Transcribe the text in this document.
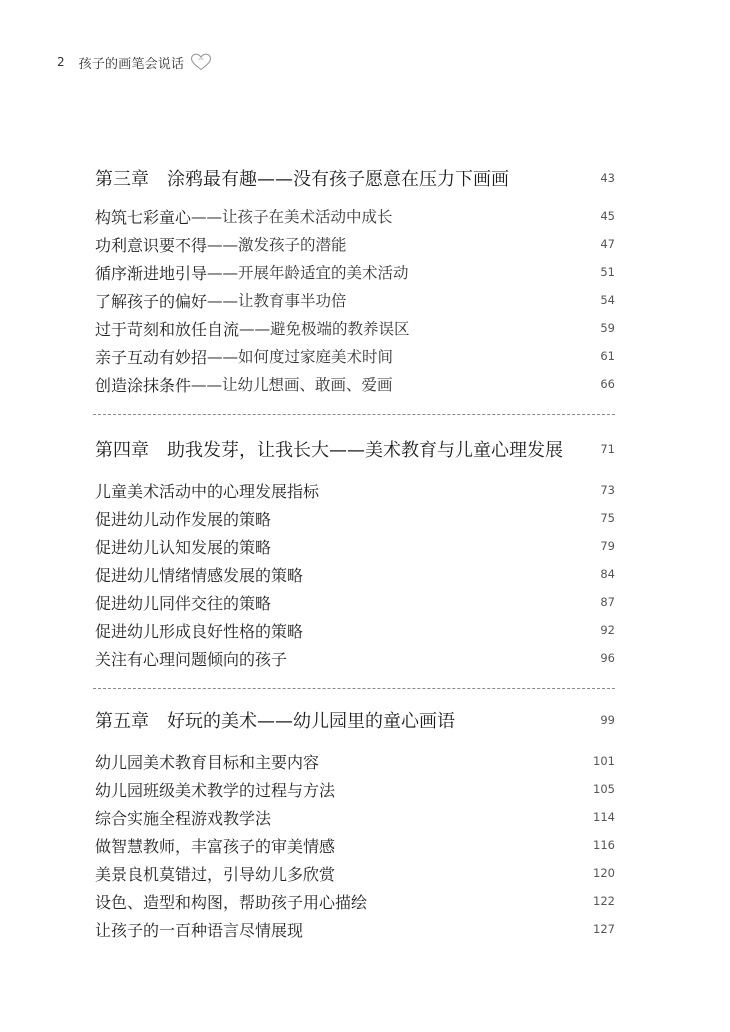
2 孩子的画笔会说话
第三章 涂鸦最有趣——没有孩子愿意在压力下画画	43
构筑七彩童心 ——让孩子在美术活动中成长	45
功利意识要不得 ——激发孩子的潜能	47
循序渐进地引导 ——开展年龄适宜的美术活动	51
了解孩子的偏好 ——让教育事半功倍	54
过于苛刻和放任自流 ——避免极端的教养误区	59
亲子互动有妙招 ——如何度过家庭美术时间	61
创造涂抹条件 ——让幼儿想画、敢画、爱画	66
第四章 助我发芽，让我长大——美术教育与儿童心理发展	71
儿童美术活动中的心理发展指标	73
促进幼儿动作发展的策略	75
促进幼儿认知发展的策略	79
促进幼儿情绪情感发展的策略	84
促进幼儿同伴交往的策略	87
促进幼儿形成良好性格的策略	92
关注有心理问题倾向的孩子	96
第五章 好玩的美术——幼儿园里的童心画语	99
幼儿园美术教育目标和主要内容	101
幼儿园班级美术教学的过程与方法	105
综合实施全程游戏教学法	114
做智慧教师，丰富孩子的审美情感	116
美景良机莫错过，引导幼儿多欣赏	120
设色、造型和构图，帮助孩子用心描绘	122
让孩子的一百种语言尽情展现	127
